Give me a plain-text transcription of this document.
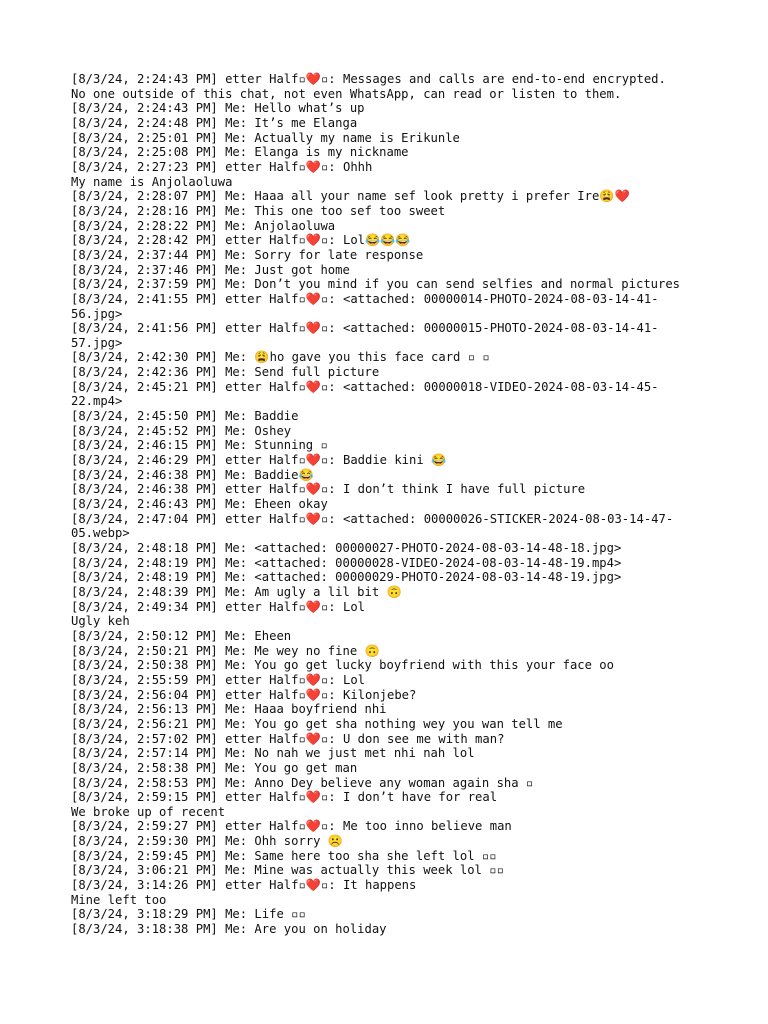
[8/3/24, 2:24:43 PM] etter Half▫❤️▫: Messages and calls are end-to-end encrypted.
No one outside of this chat, not even WhatsApp, can read or listen to them.
[8/3/24, 2:24:43 PM] Me: Hello what’s up
[8/3/24, 2:24:48 PM] Me: It’s me Elanga
[8/3/24, 2:25:01 PM] Me: Actually my name is Erikunle
[8/3/24, 2:25:08 PM] Me: Elanga is my nickname
[8/3/24, 2:27:23 PM] etter Half▫❤️▫: Ohhh
My name is Anjolaoluwa
[8/3/24, 2:28:07 PM] Me: Haaa all your name sef look pretty i prefer Ire😩❤️
[8/3/24, 2:28:16 PM] Me: This one too sef too sweet
[8/3/24, 2:28:22 PM] Me: Anjolaoluwa
[8/3/24, 2:28:42 PM] etter Half▫❤️▫: Lol😂😂😂
[8/3/24, 2:37:44 PM] Me: Sorry for late response
[8/3/24, 2:37:46 PM] Me: Just got home
[8/3/24, 2:37:59 PM] Me: Don’t you mind if you can send selfies and normal pictures
[8/3/24, 2:41:55 PM] etter Half▫❤️▫: <attached: 00000014-PHOTO-2024-08-03-14-41-
56.jpg>
[8/3/24, 2:41:56 PM] etter Half▫❤️▫: <attached: 00000015-PHOTO-2024-08-03-14-41-
57.jpg>
[8/3/24, 2:42:30 PM] Me: 😩ho gave you this face card ▫ ▫
[8/3/24, 2:42:36 PM] Me: Send full picture
[8/3/24, 2:45:21 PM] etter Half▫❤️▫: <attached: 00000018-VIDEO-2024-08-03-14-45-
22.mp4>
[8/3/24, 2:45:50 PM] Me: Baddie
[8/3/24, 2:45:52 PM] Me: Oshey
[8/3/24, 2:46:15 PM] Me: Stunning ▫
[8/3/24, 2:46:29 PM] etter Half▫❤️▫: Baddie kini 😂
[8/3/24, 2:46:38 PM] Me: Baddie😂
[8/3/24, 2:46:38 PM] etter Half▫❤️▫: I don’t think I have full picture
[8/3/24, 2:46:43 PM] Me: Eheen okay
[8/3/24, 2:47:04 PM] etter Half▫❤️▫: <attached: 00000026-STICKER-2024-08-03-14-47-
05.webp>
[8/3/24, 2:48:18 PM] Me: <attached: 00000027-PHOTO-2024-08-03-14-48-18.jpg>
[8/3/24, 2:48:19 PM] Me: <attached: 00000028-VIDEO-2024-08-03-14-48-19.mp4>
[8/3/24, 2:48:19 PM] Me: <attached: 00000029-PHOTO-2024-08-03-14-48-19.jpg>
[8/3/24, 2:48:39 PM] Me: Am ugly a lil bit 🙃
[8/3/24, 2:49:34 PM] etter Half▫❤️▫: Lol
Ugly keh
[8/3/24, 2:50:12 PM] Me: Eheen
[8/3/24, 2:50:21 PM] Me: Me wey no fine 🙃
[8/3/24, 2:50:38 PM] Me: You go get lucky boyfriend with this your face oo
[8/3/24, 2:55:59 PM] etter Half▫❤️▫: Lol
[8/3/24, 2:56:04 PM] etter Half▫❤️▫: Kilonjebe?
[8/3/24, 2:56:13 PM] Me: Haaa boyfriend nhi
[8/3/24, 2:56:21 PM] Me: You go get sha nothing wey you wan tell me
[8/3/24, 2:57:02 PM] etter Half▫❤️▫: U don see me with man?
[8/3/24, 2:57:14 PM] Me: No nah we just met nhi nah lol
[8/3/24, 2:58:38 PM] Me: You go get man
[8/3/24, 2:58:53 PM] Me: Anno Dey believe any woman again sha ▫
[8/3/24, 2:59:15 PM] etter Half▫❤️▫: I don’t have for real
We broke up of recent
[8/3/24, 2:59:27 PM] etter Half▫❤️▫: Me too inno believe man
[8/3/24, 2:59:30 PM] Me: Ohh sorry ☹️
[8/3/24, 2:59:45 PM] Me: Same here too sha she left lol ▫▫
[8/3/24, 3:06:21 PM] Me: Mine was actually this week lol ▫▫
[8/3/24, 3:14:26 PM] etter Half▫❤️▫: It happens
Mine left too
[8/3/24, 3:18:29 PM] Me: Life ▫▫
[8/3/24, 3:18:38 PM] Me: Are you on holiday
